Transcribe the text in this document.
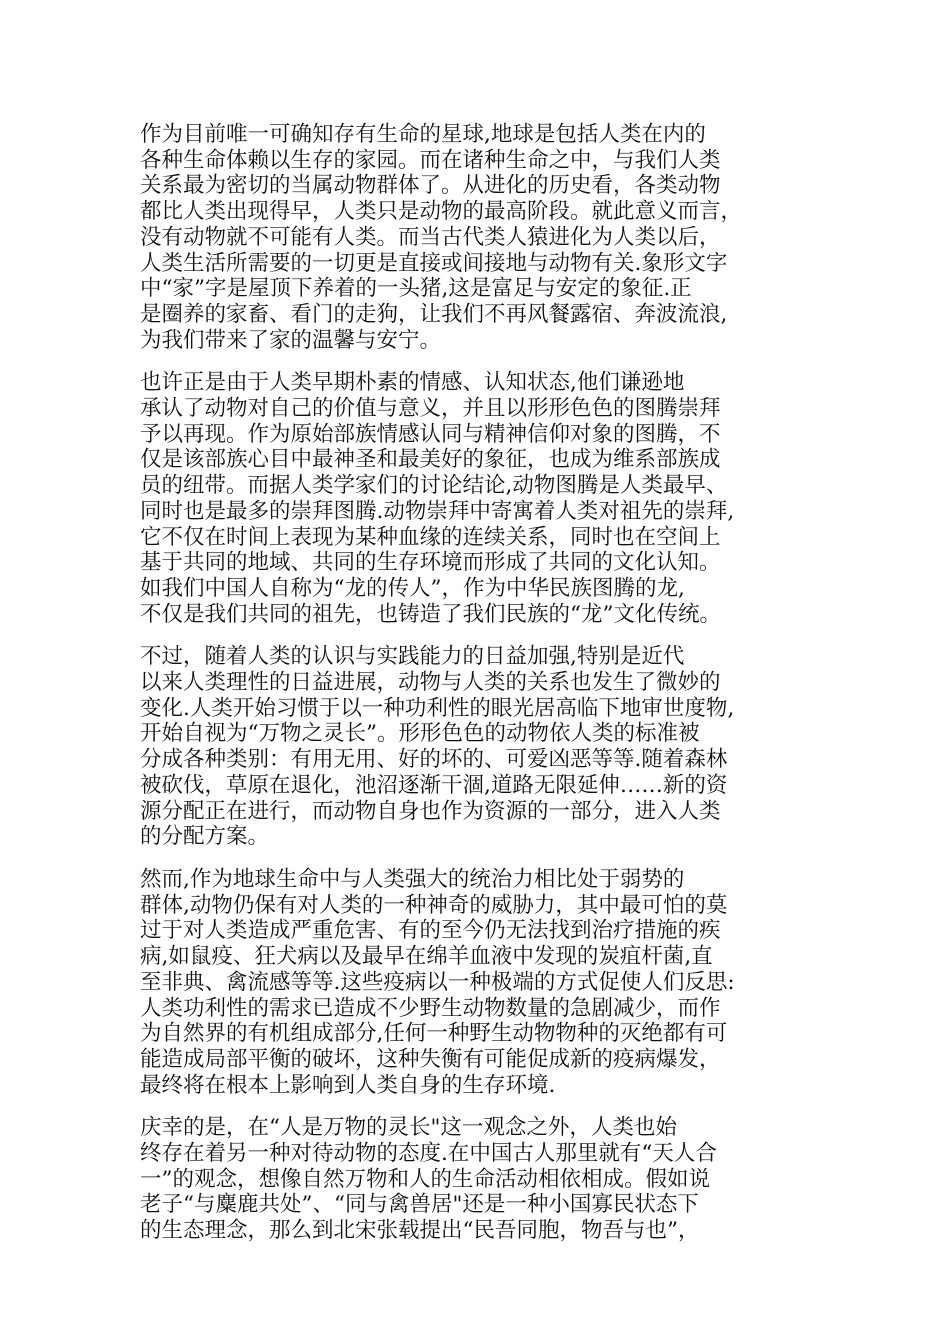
作为目前唯一可确知存有生命的星球,地球是包括人类在内的
各种生命体赖以生存的家园。而在诸种生命之中，与我们人类
关系最为密切的当属动物群体了。从进化的历史看，各类动物
都比人类出现得早，人类只是动物的最高阶段。就此意义而言，
没有动物就不可能有人类。而当古代类人猿进化为人类以后，
人类生活所需要的一切更是直接或间接地与动物有关.象形文字
中“家”字是屋顶下养着的一头猪,这是富足与安定的象征.正
是圈养的家畜、看门的走狗，让我们不再风餐露宿、奔波流浪,
为我们带来了家的温馨与安宁。
也许正是由于人类早期朴素的情感、认知状态,他们谦逊地
承认了动物对自己的价值与意义，并且以形形色色的图腾崇拜
予以再现。作为原始部族情感认同与精神信仰对象的图腾，不
仅是该部族心目中最神圣和最美好的象征，也成为维系部族成
员的纽带。而据人类学家们的讨论结论,动物图腾是人类最早、
同时也是最多的崇拜图腾.动物崇拜中寄寓着人类对祖先的崇拜,
它不仅在时间上表现为某种血缘的连续关系，同时也在空间上
基于共同的地域、共同的生存环境而形成了共同的文化认知。
如我们中国人自称为“龙的传人”，作为中华民族图腾的龙,
不仅是我们共同的祖先，也铸造了我们民族的“龙”文化传统。
不过，随着人类的认识与实践能力的日益加强,特别是近代
以来人类理性的日益进展，动物与人类的关系也发生了微妙的
变化.人类开始习惯于以一种功利性的眼光居高临下地审世度物,
开始自视为“万物之灵长”。形形色色的动物依人类的标准被
分成各种类别：有用无用、好的坏的、可爱凶恶等等.随着森林
被砍伐，草原在退化，池沼逐渐干涸,道路无限延伸……新的资
源分配正在进行，而动物自身也作为资源的一部分，进入人类
的分配方案。
然而,作为地球生命中与人类强大的统治力相比处于弱势的
群体,动物仍保有对人类的一种神奇的威胁力，其中最可怕的莫
过于对人类造成严重危害、有的至今仍无法找到治疗措施的疾
病,如鼠疫、狂犬病以及最早在绵羊血液中发现的炭疽杆菌,直
至非典、禽流感等等.这些疫病以一种极端的方式促使人们反思:
人类功利性的需求已造成不少野生动物数量的急剧减少，而作
为自然界的有机组成部分,任何一种野生动物物种的灭绝都有可
能造成局部平衡的破坏，这种失衡有可能促成新的疫病爆发，
最终将在根本上影响到人类自身的生存环境.
庆幸的是，在“人是万物的灵长"这一观念之外，人类也始
终存在着另一种对待动物的态度.在中国古人那里就有“天人合
一”的观念，想像自然万物和人的生命活动相依相成。假如说
老子“与麋鹿共处”、“同与禽兽居"还是一种小国寡民状态下
的生态理念，那么到北宋张载提出“民吾同胞，物吾与也”，
